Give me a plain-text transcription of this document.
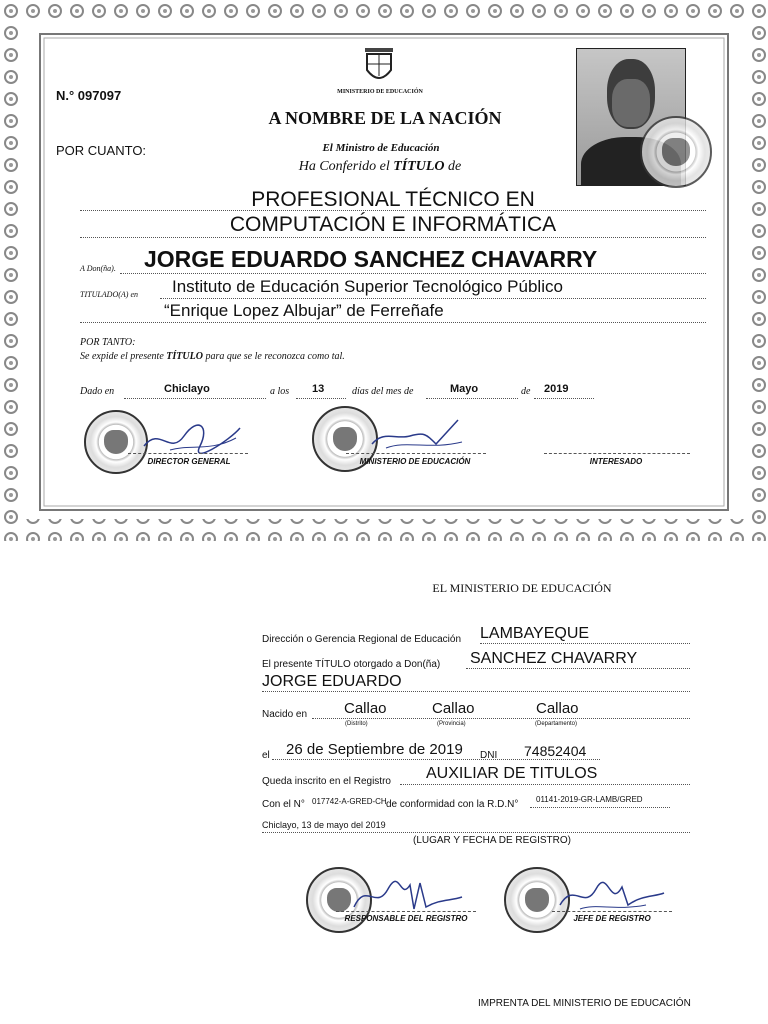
MINISTERIO DE EDUCACIÓN
N.° 097097
A NOMBRE DE LA NACIÓN
POR CUANTO:	El Ministro de Educación
Ha Conferido el TÍTULO de
PROFESIONAL TÉCNICO EN
COMPUTACIÓN E INFORMÁTICA
A Don(ña). JORGE EDUARDO SANCHEZ CHAVARRY
TITULADO(A) en Instituto de Educación Superior Tecnológico Público
“Enrique Lopez Albujar” de Ferreñafe
POR TANTO:
Se expide el presente TÍTULO para que se le reconozca como tal.
Dado en	Chiclayo	a los 13	días del mes de	Mayo	de 2019
DIRECTOR GENERAL	MINISTERIO DE EDUCACIÓN	INTERESADO
EL MINISTERIO DE EDUCACIÓN
Dirección o Gerencia Regional de Educación LAMBAYEQUE
El presente TÍTULO otorgado a Don(ña) SANCHEZ CHAVARRY
JORGE EDUARDO
Nacido en Callao	Callao	Callao
(Distrito)	(Provincia)	(Departamento)
el 26 de Septiembre de 2019 DNI 74852404
Queda inscrito en el Registro AUXILIAR DE TITULOS
Con el N° 017742-A-GRED-CH de conformidad con la R.D.N° 01141-2019-GR-LAMB/GRED
Chiclayo, 13 de mayo del 2019
(LUGAR Y FECHA DE REGISTRO)
RESPONSABLE DEL REGISTRO	JEFE DE REGISTRO
IMPRENTA DEL MINISTERIO DE EDUCACIÓN
